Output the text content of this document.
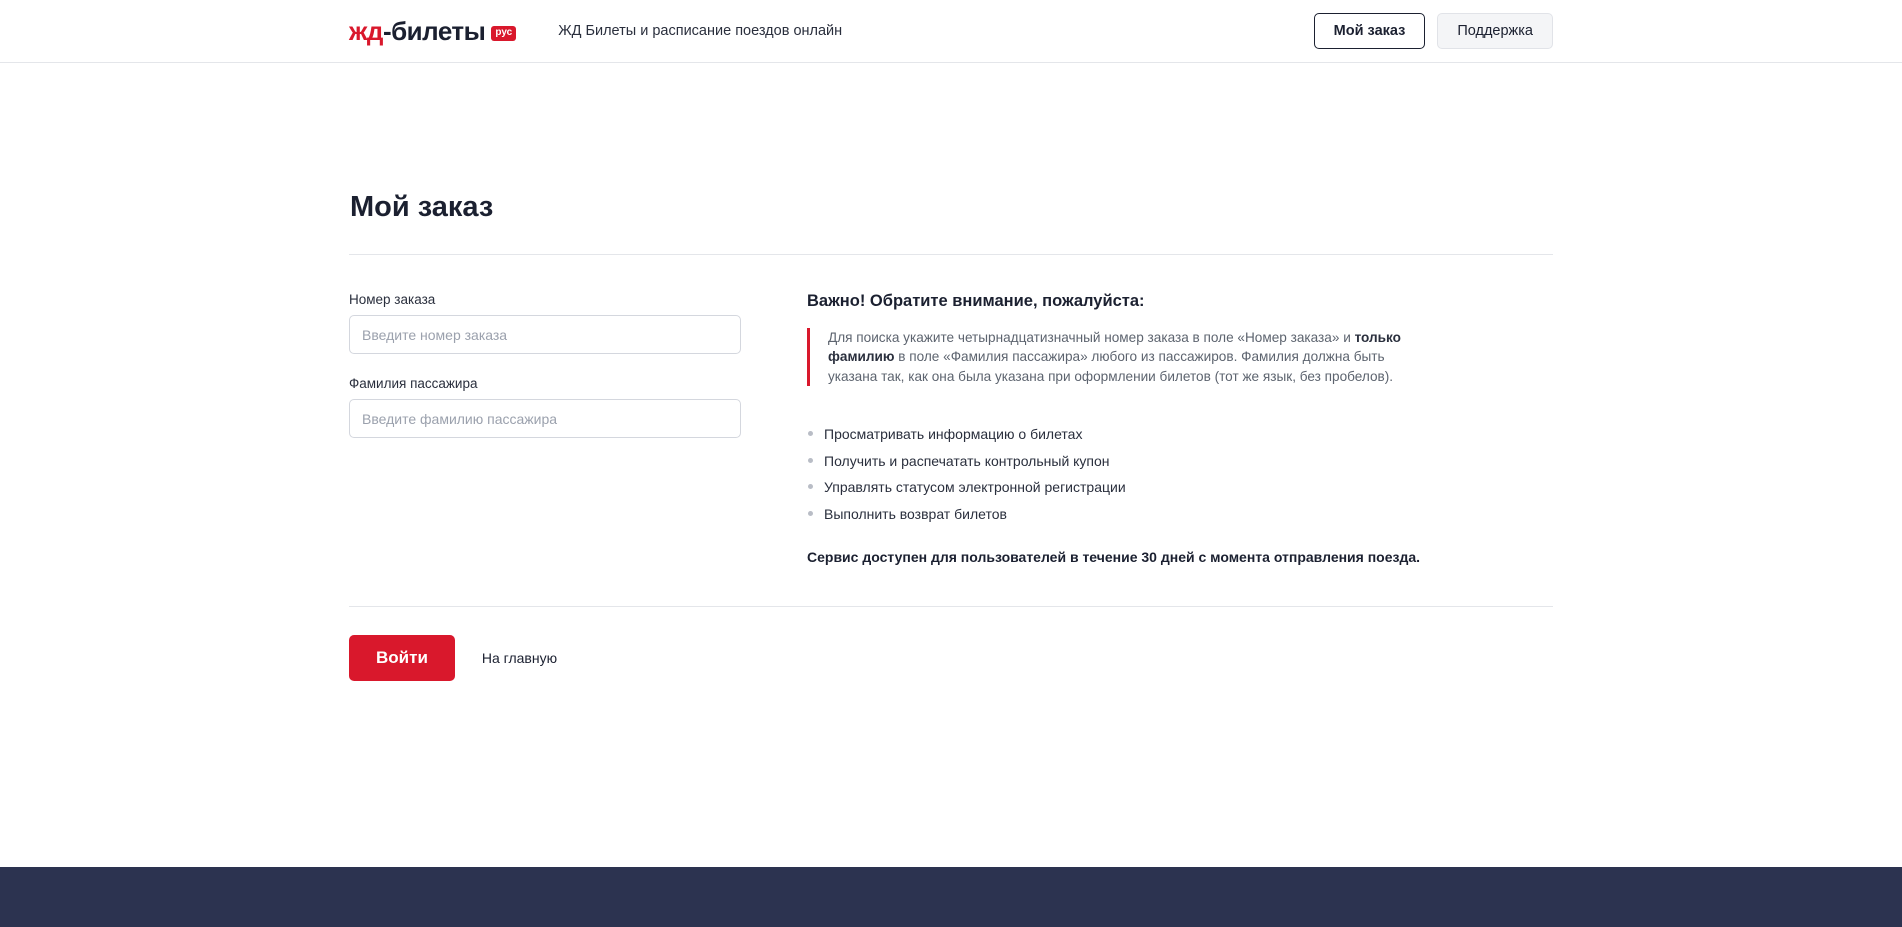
жд-билеты	рус	ЖД Билеты и расписание поездов онлайн	Мой заказ	Поддержка
Мой заказ
Номер заказа
Введите номер заказа
Фамилия пассажира
Введите фамилию пассажира
Важно! Обратите внимание, пожалуйста:
Для поиска укажите четырнадцатизначный номер заказа в поле «Номер заказа» и только фамилию в поле «Фамилия пассажира» любого из пассажиров. Фамилия должна быть указана так, как она была указана при оформлении билетов (тот же язык, без пробелов).
Просматривать информацию о билетах
Получить и распечатать контрольный купон
Управлять статусом электронной регистрации
Выполнить возврат билетов
Сервис доступен для пользователей в течение 30 дней с момента отправления поезда.
Войти	На главную
